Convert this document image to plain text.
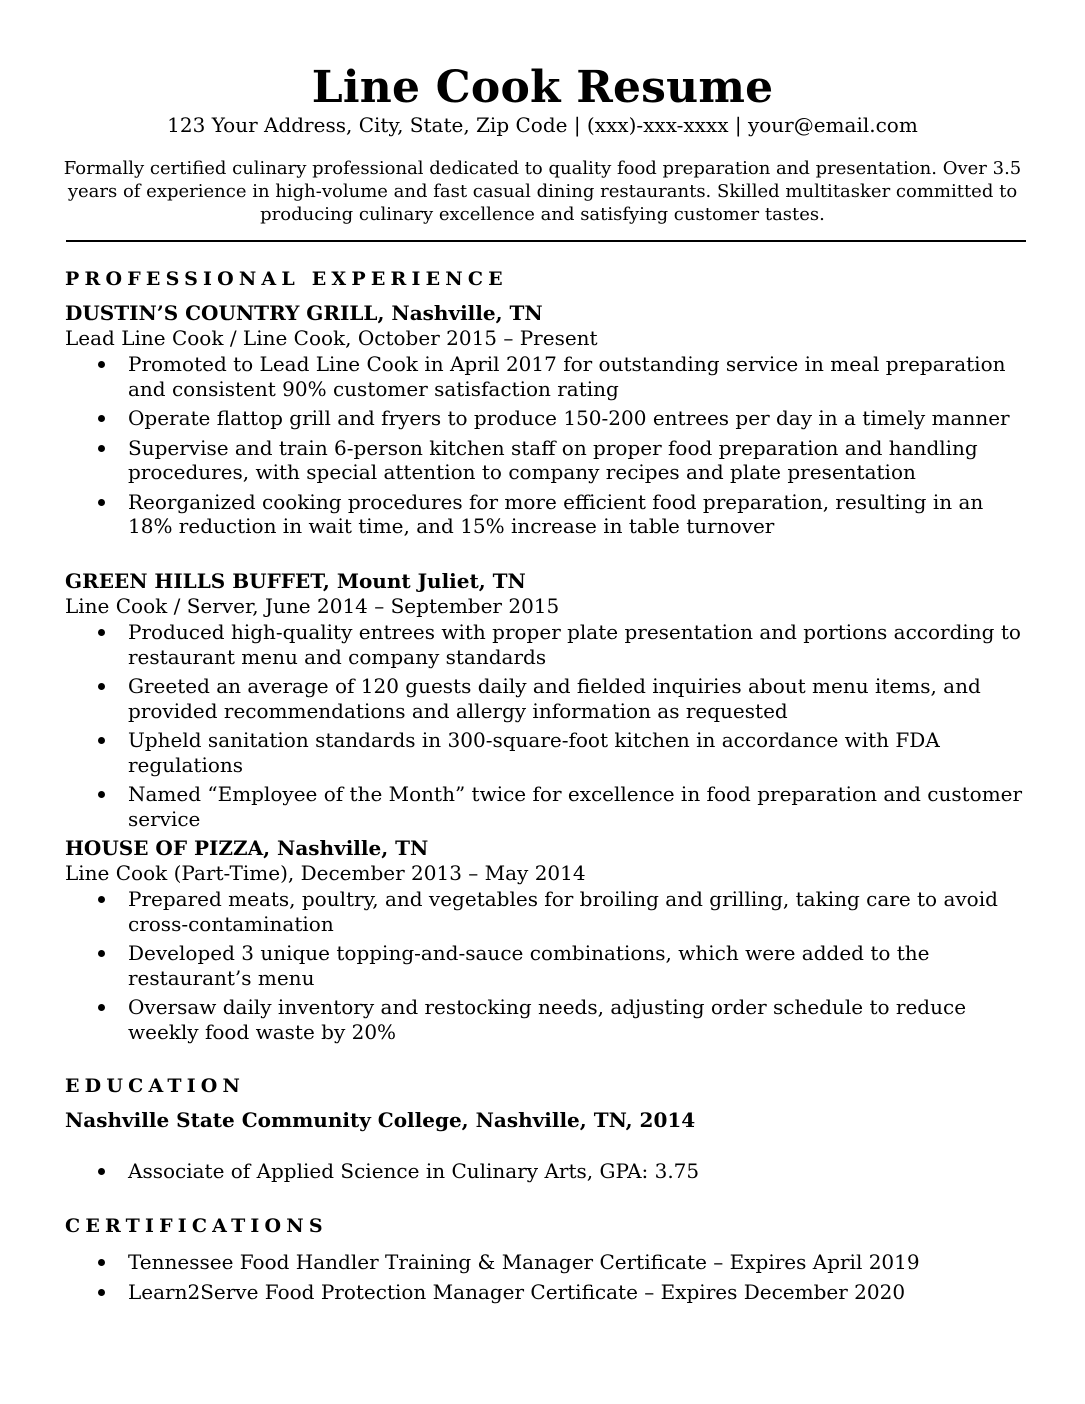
Line Cook Resume
123 Your Address, City, State, Zip Code | (xxx)-xxx-xxxx | your@email.com
Formally certified culinary professional dedicated to quality food preparation and presentation. Over 3.5 years of experience in high-volume and fast casual dining restaurants. Skilled multitasker committed to producing culinary excellence and satisfying customer tastes.
PROFESSIONAL EXPERIENCE
DUSTIN’S COUNTRY GRILL, Nashville, TN
Lead Line Cook / Line Cook, October 2015 – Present
Promoted to Lead Line Cook in April 2017 for outstanding service in meal preparation and consistent 90% customer satisfaction rating
Operate flattop grill and fryers to produce 150-200 entrees per day in a timely manner
Supervise and train 6-person kitchen staff on proper food preparation and handling procedures, with special attention to company recipes and plate presentation
Reorganized cooking procedures for more efficient food preparation, resulting in an 18% reduction in wait time, and 15% increase in table turnover
GREEN HILLS BUFFET, Mount Juliet, TN
Line Cook / Server, June 2014 – September 2015
Produced high-quality entrees with proper plate presentation and portions according to restaurant menu and company standards
Greeted an average of 120 guests daily and fielded inquiries about menu items, and provided recommendations and allergy information as requested
Upheld sanitation standards in 300-square-foot kitchen in accordance with FDA regulations
Named “Employee of the Month” twice for excellence in food preparation and customer service
HOUSE OF PIZZA, Nashville, TN
Line Cook (Part-Time), December 2013 – May 2014
Prepared meats, poultry, and vegetables for broiling and grilling, taking care to avoid cross-contamination
Developed 3 unique topping-and-sauce combinations, which were added to the restaurant’s menu
Oversaw daily inventory and restocking needs, adjusting order schedule to reduce weekly food waste by 20%
EDUCATION
Nashville State Community College, Nashville, TN, 2014
Associate of Applied Science in Culinary Arts, GPA: 3.75
CERTIFICATIONS
Tennessee Food Handler Training & Manager Certificate – Expires April 2019
Learn2Serve Food Protection Manager Certificate – Expires December 2020
